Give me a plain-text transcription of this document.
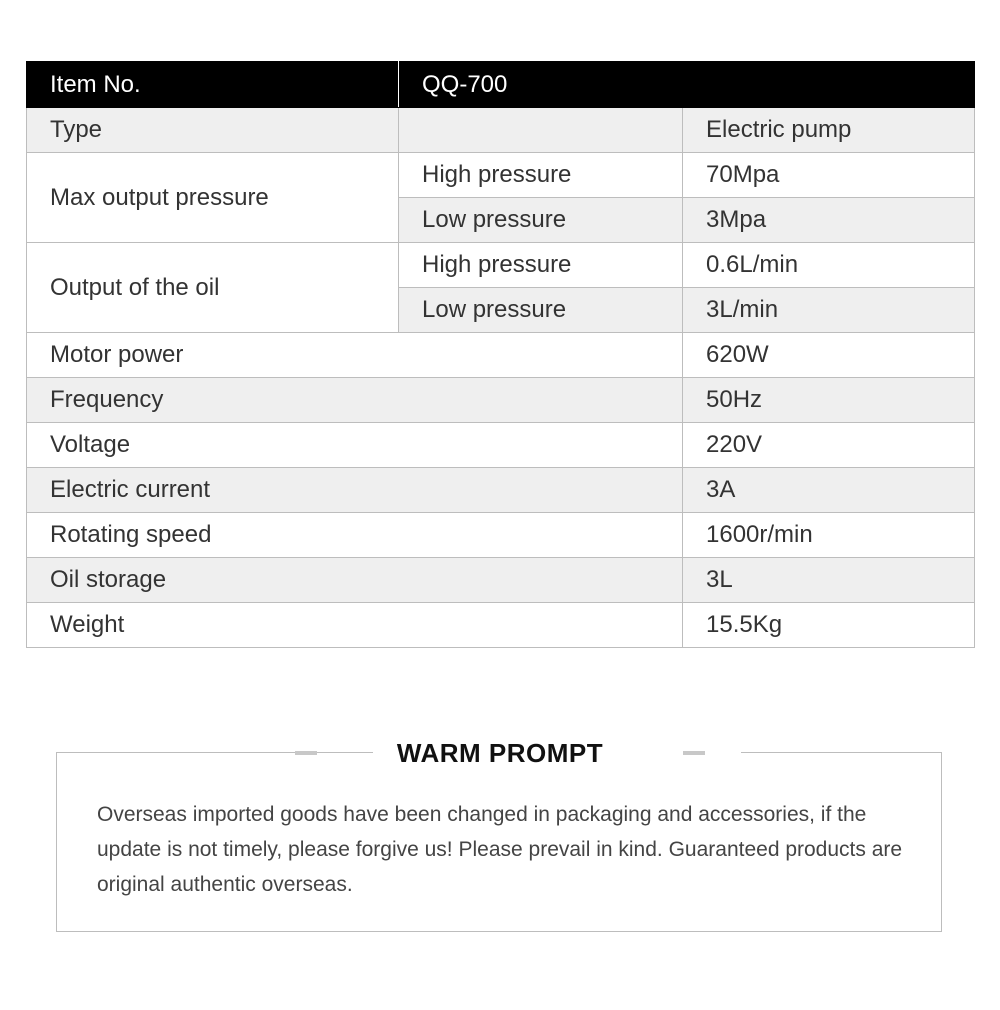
Item No.	QQ-700	
Type		Electric pump
Max output pressure	High pressure	70Mpa
	Low pressure	3Mpa
Output of the oil	High pressure	0.6L/min
	Low pressure	3L/min
Motor power		620W
Frequency		50Hz
Voltage		220V
Electric current		3A
Rotating speed		1600r/min
Oil storage		3L
Weight		15.5Kg

Overseas imported goods have been changed in packaging and accessories, if the update is not timely, please forgive us! Please prevail in kind. Guaranteed products are original authentic overseas.

WARM PROMPT
